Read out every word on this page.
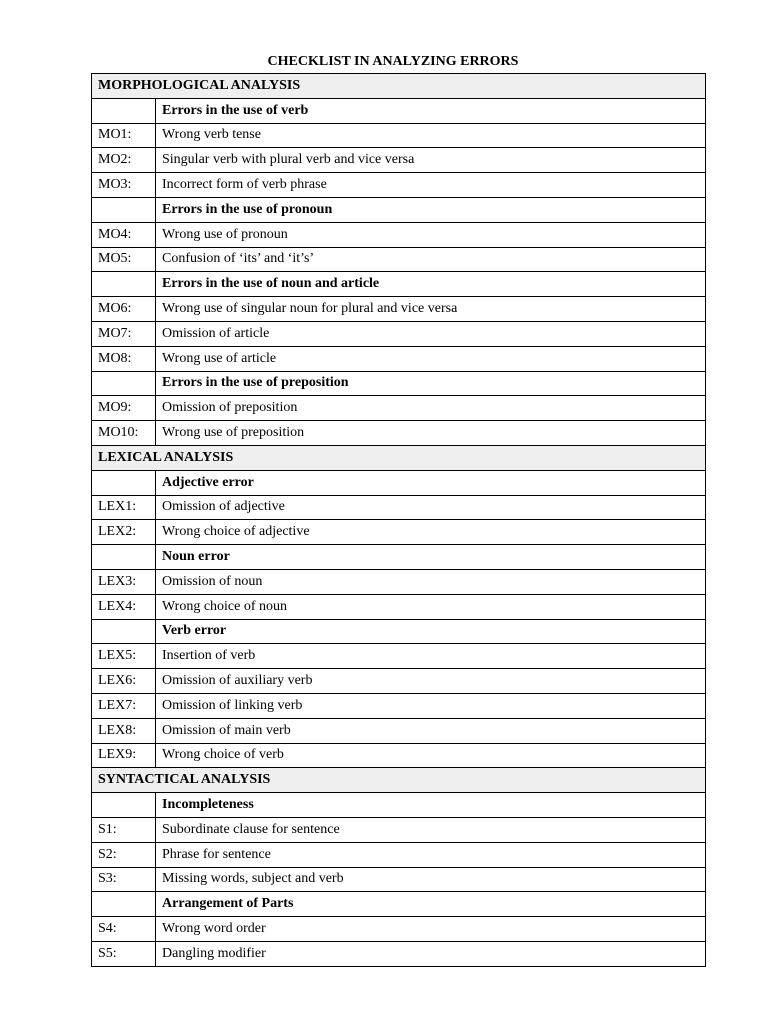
CHECKLIST IN ANALYZING ERRORS
MORPHOLOGICAL ANALYSIS	
	Errors in the use of verb
MO1:	Wrong verb tense
MO2:	Singular verb with plural verb and vice versa
MO3:	Incorrect form of verb phrase
	Errors in the use of pronoun
MO4:	Wrong use of pronoun
MO5:	Confusion of ‘its’ and ‘it’s’
	Errors in the use of noun and article
MO6:	Wrong use of singular noun for plural and vice versa
MO7:	Omission of article
MO8:	Wrong use of article
	Errors in the use of preposition
MO9:	Omission of preposition
MO10:	Wrong use of preposition
LEXICAL ANALYSIS	
	Adjective error
LEX1:	Omission of adjective
LEX2:	Wrong choice of adjective
	Noun error
LEX3:	Omission of noun
LEX4:	Wrong choice of noun
	Verb error
LEX5:	Insertion of verb
LEX6:	Omission of auxiliary verb
LEX7:	Omission of linking verb
LEX8:	Omission of main verb
LEX9:	Wrong choice of verb
SYNTACTICAL ANALYSIS	
	Incompleteness
S1:	Subordinate clause for sentence
S2:	Phrase for sentence
S3:	Missing words, subject and verb
	Arrangement of Parts
S4:	Wrong word order
S5:	Dangling modifier
